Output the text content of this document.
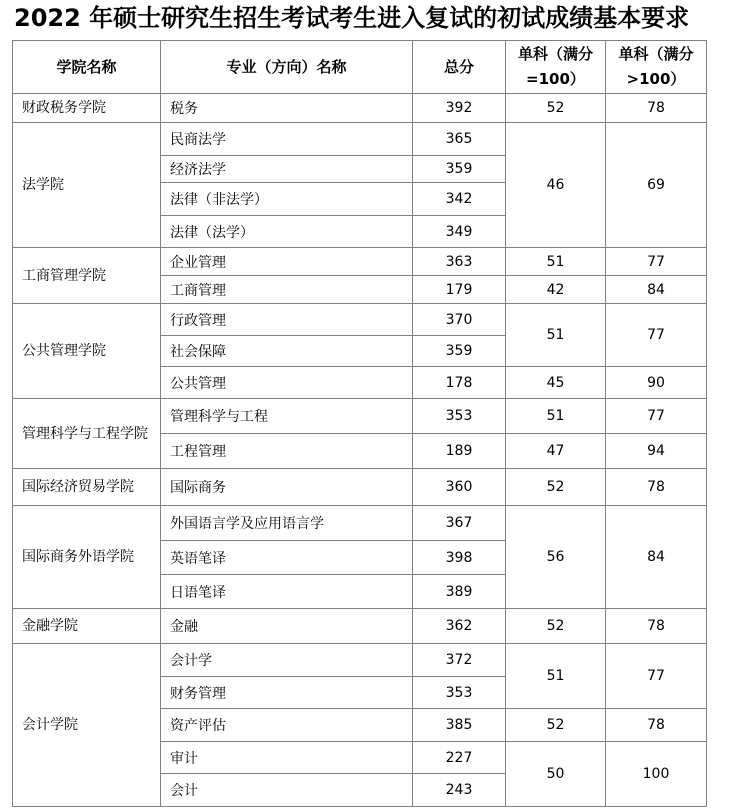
2022 年硕士研究生招生考试考生进入复试的初试成绩基本要求
学院名称	专业（方向）名称	总分	单科（满分=100）	单科（满分>100）
财政税务学院	税务	392	52	78
法学院	民商法学	365	46	69
	经济法学	359		
	法律（非法学）	342		
	法律（法学）	349		
工商管理学院	企业管理	363	51	77
	工商管理	179	42	84
公共管理学院	行政管理	370	51	77
	社会保障	359		
	公共管理	178	45	90
管理科学与工程学院	管理科学与工程	353	51	77
	工程管理	189	47	94
国际经济贸易学院	国际商务	360	52	78
国际商务外语学院	外国语言学及应用语言学	367	56	84
	英语笔译	398		
	日语笔译	389		
金融学院	金融	362	52	78
会计学院	会计学	372	51	77
	财务管理	353		
	资产评估	385	52	78
	审计	227	50	100
	会计	243		
